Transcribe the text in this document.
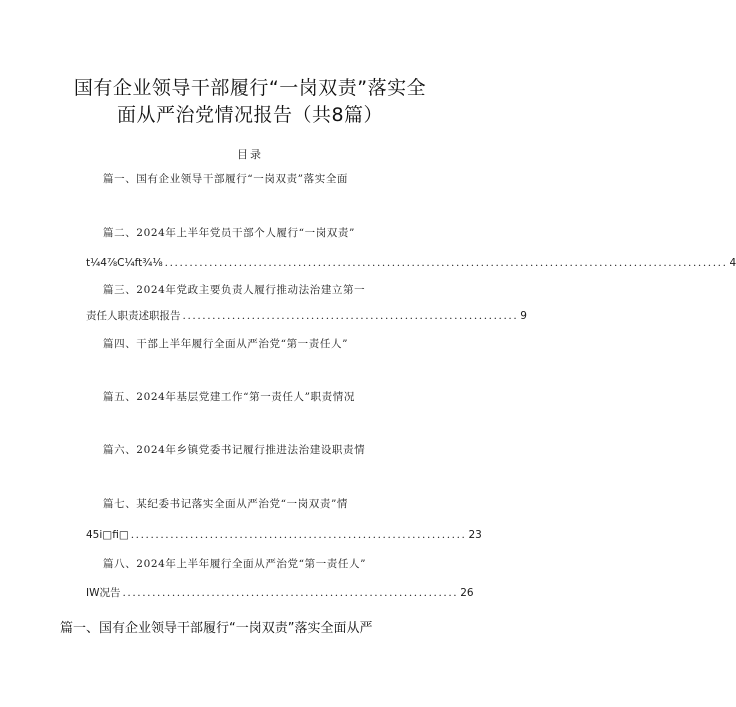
国有企业领导干部履行“一岗双责”落实全
面从严治党情况报告（共8篇）
目录
篇一、国有企业领导干部履行“一岗双责”落实全面
篇二、2024年上半年党员干部个人履行“一岗双责”
t¼4⅞C¼ft¾⅛ .................................................................................................................. 4
篇三、2024年党政主要负责人履行推动法治建立第一
责任人职责述职报告 .................................................................... 9
篇四、干部上半年履行全面从严治党“第一责任人”
篇五、2024年基层党建工作“第一责任人”职责情况
篇六、2024年乡镇党委书记履行推进法治建设职责情
篇七、某纪委书记落实全面从严治党“一岗双责”情
45i□fi□ .................................................................... 23
篇八、2024年上半年履行全面从严治党“第一责任人”
IW况告 .................................................................... 26
篇一、国有企业领导干部履行“一岗双责”落实全面从严
